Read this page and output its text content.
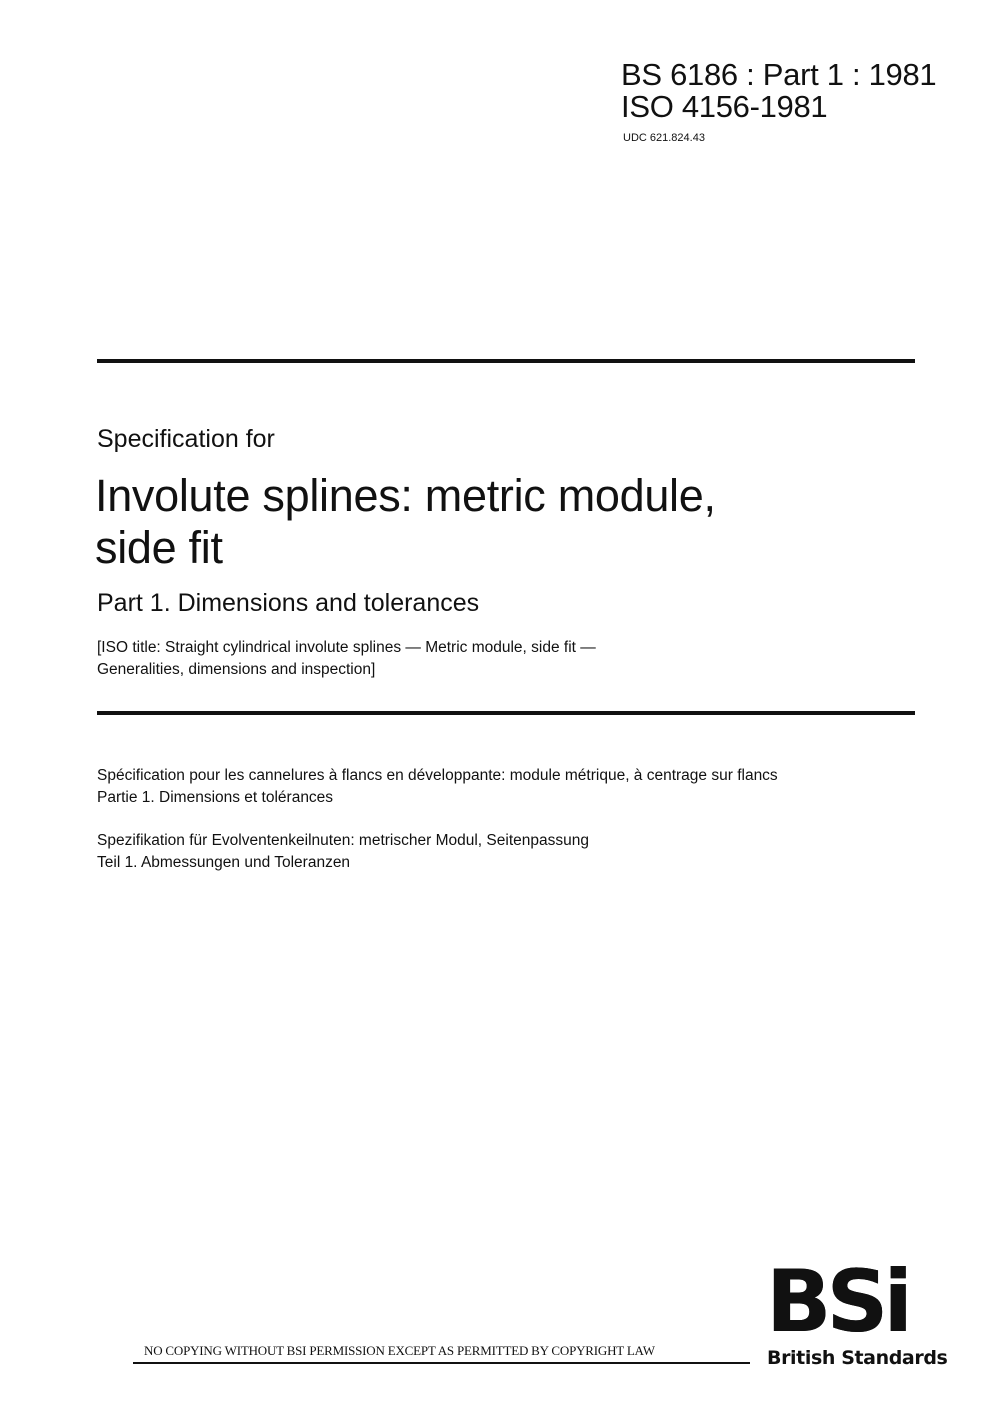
BS 6186 : Part 1 : 1981
ISO 4156-1981
UDC 621.824.43
Specification for
Involute splines: metric module,
side fit
Part 1. Dimensions and tolerances
[ISO title: Straight cylindrical involute splines — Metric module, side fit —
Generalities, dimensions and inspection]
Spécification pour les cannelures à flancs en développante: module métrique, à centrage sur flancs
Partie 1. Dimensions et tolérances
Spezifikation für Evolventenkeilnuten: metrischer Modul, Seitenpassung
Teil 1. Abmessungen und Toleranzen
NO COPYING WITHOUT BSI PERMISSION EXCEPT AS PERMITTED BY COPYRIGHT LAW BSi
British Standards
